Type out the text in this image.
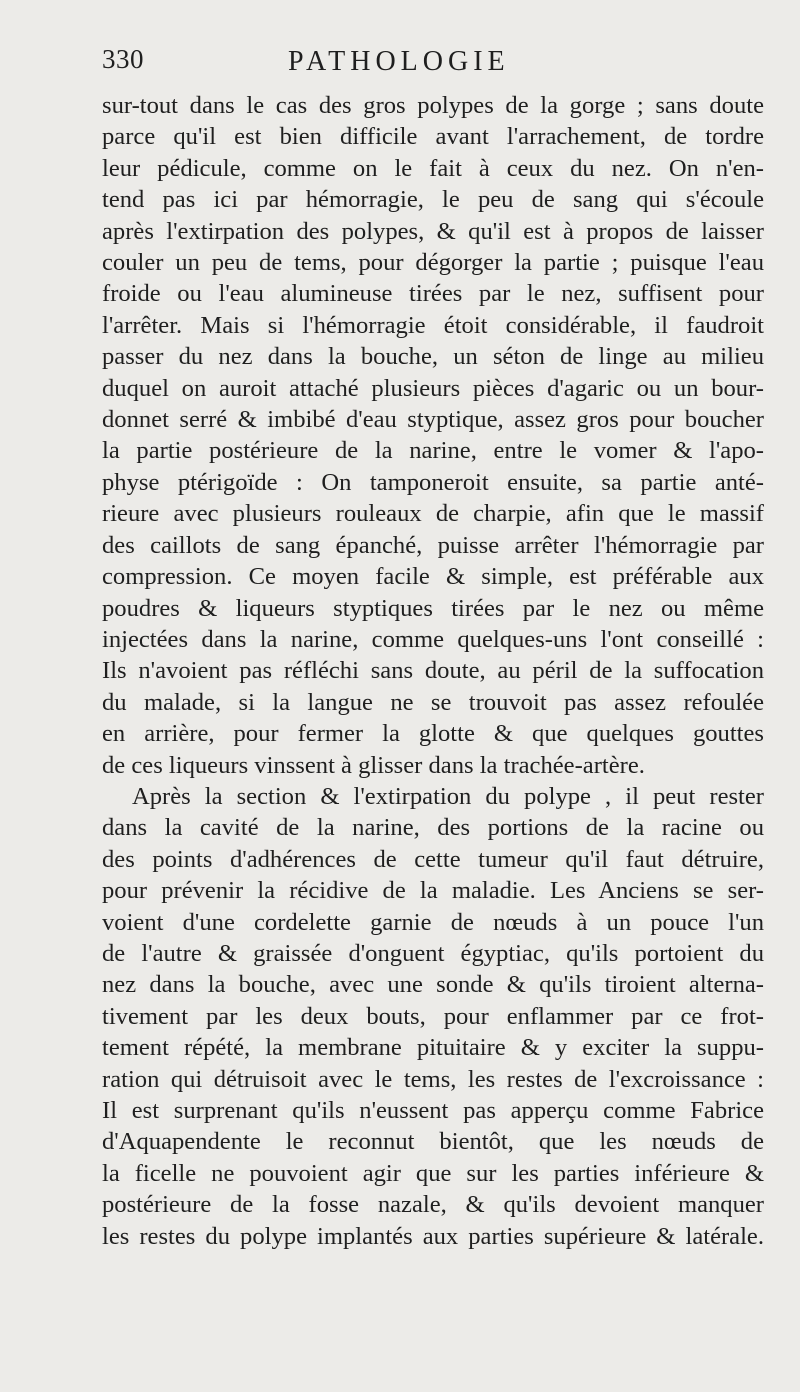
330	PATHOLOGIE
sur-tout dans le cas des gros polypes de la gorge ; sans doute
parce qu'il est bien difficile avant l'arrachement, de tordre
leur pédicule, comme on le fait à ceux du nez. On n'en-
tend pas ici par hémorragie, le peu de sang qui s'écoule
après l'extirpation des polypes, & qu'il est à propos de laisser
couler un peu de tems, pour dégorger la partie ; puisque l'eau
froide ou l'eau alumineuse tirées par le nez, suffisent pour
l'arrêter. Mais si l'hémorragie étoit considérable, il faudroit
passer du nez dans la bouche, un séton de linge au milieu
duquel on auroit attaché plusieurs pièces d'agaric ou un bour-
donnet serré & imbibé d'eau styptique, assez gros pour boucher
la partie postérieure de la narine, entre le vomer & l'apo-
physe ptérigoïde : On tamponeroit ensuite, sa partie anté-
rieure avec plusieurs rouleaux de charpie, afin que le massif
des caillots de sang épanché, puisse arrêter l'hémorragie par
compression. Ce moyen facile & simple, est préférable aux
poudres & liqueurs styptiques tirées par le nez ou même
injectées dans la narine, comme quelques-uns l'ont conseillé :
Ils n'avoient pas réfléchi sans doute, au péril de la suffocation
du malade, si la langue ne se trouvoit pas assez refoulée
en arrière, pour fermer la glotte & que quelques gouttes
de ces liqueurs vinssent à glisser dans la trachée-artère.
Après la section & l'extirpation du polype , il peut rester
dans la cavité de la narine, des portions de la racine ou
des points d'adhérences de cette tumeur qu'il faut détruire,
pour prévenir la récidive de la maladie. Les Anciens se ser-
voient d'une cordelette garnie de nœuds à un pouce l'un
de l'autre & graissée d'onguent égyptiac, qu'ils portoient du
nez dans la bouche, avec une sonde & qu'ils tiroient alterna-
tivement par les deux bouts, pour enflammer par ce frot-
tement répété, la membrane pituitaire & y exciter la suppu-
ration qui détruisoit avec le tems, les restes de l'excroissance :
Il est surprenant qu'ils n'eussent pas apperçu comme Fabrice
d'Aquapendente le reconnut bientôt, que les nœuds de
la ficelle ne pouvoient agir que sur les parties inférieure &
postérieure de la fosse nazale, & qu'ils devoient manquer
les restes du polype implantés aux parties supérieure & latérale.
